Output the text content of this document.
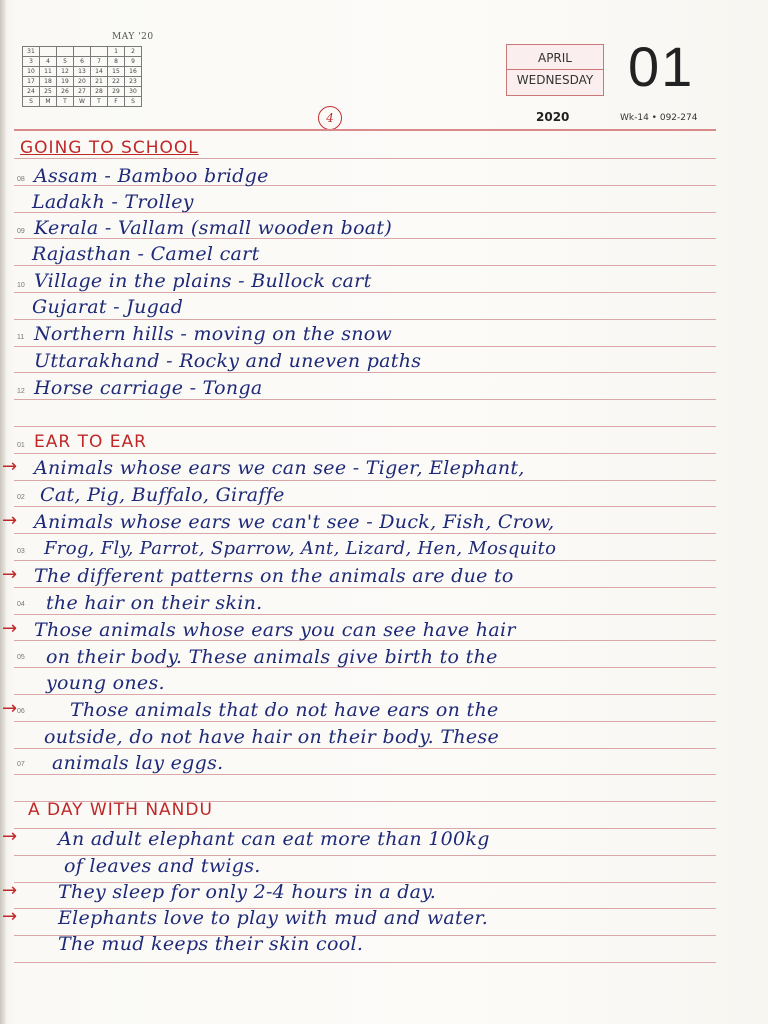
MAY '20
31					1	2
3	4	5	6	7	8	9
10	11	12	13	14	15	16
17	18	19	20	21	22	23
24	25	26	27	28	29	30
S	M	T	W	T	F	S
APRIL
WEDNESDAY 01
2020	Wk-14 • 092-274
4
08
09
10
11
12
01
02
03
04
05
06
07
GOING TO SCHOOL
Assam - Bamboo bridge
Ladakh - Trolley
Kerala - Vallam (small wooden boat)
Rajasthan - Camel cart
Village in the plains - Bullock cart
Gujarat - Jugad
Northern hills - moving on the snow
Uttarakhand - Rocky and uneven paths
Horse carriage - Tonga
EAR TO EAR
→ Animals whose ears we can see - Tiger, Elephant,
Cat, Pig, Buffalo, Giraffe
→ Animals whose ears we can't see - Duck, Fish, Crow,
Frog, Fly, Parrot, Sparrow, Ant, Lizard, Hen, Mosquito
→ The different patterns on the animals are due to
the hair on their skin.
→ Those animals whose ears you can see have hair
on their body. These animals give birth to the
young ones.
→	Those animals that do not have ears on the
outside, do not have hair on their body. These
animals lay eggs.
A DAY WITH NANDU
→ An adult elephant can eat more than 100kg
of leaves and twigs.
→ They sleep for only 2-4 hours in a day.
→ Elephants love to play with mud and water.
The mud keeps their skin cool.
